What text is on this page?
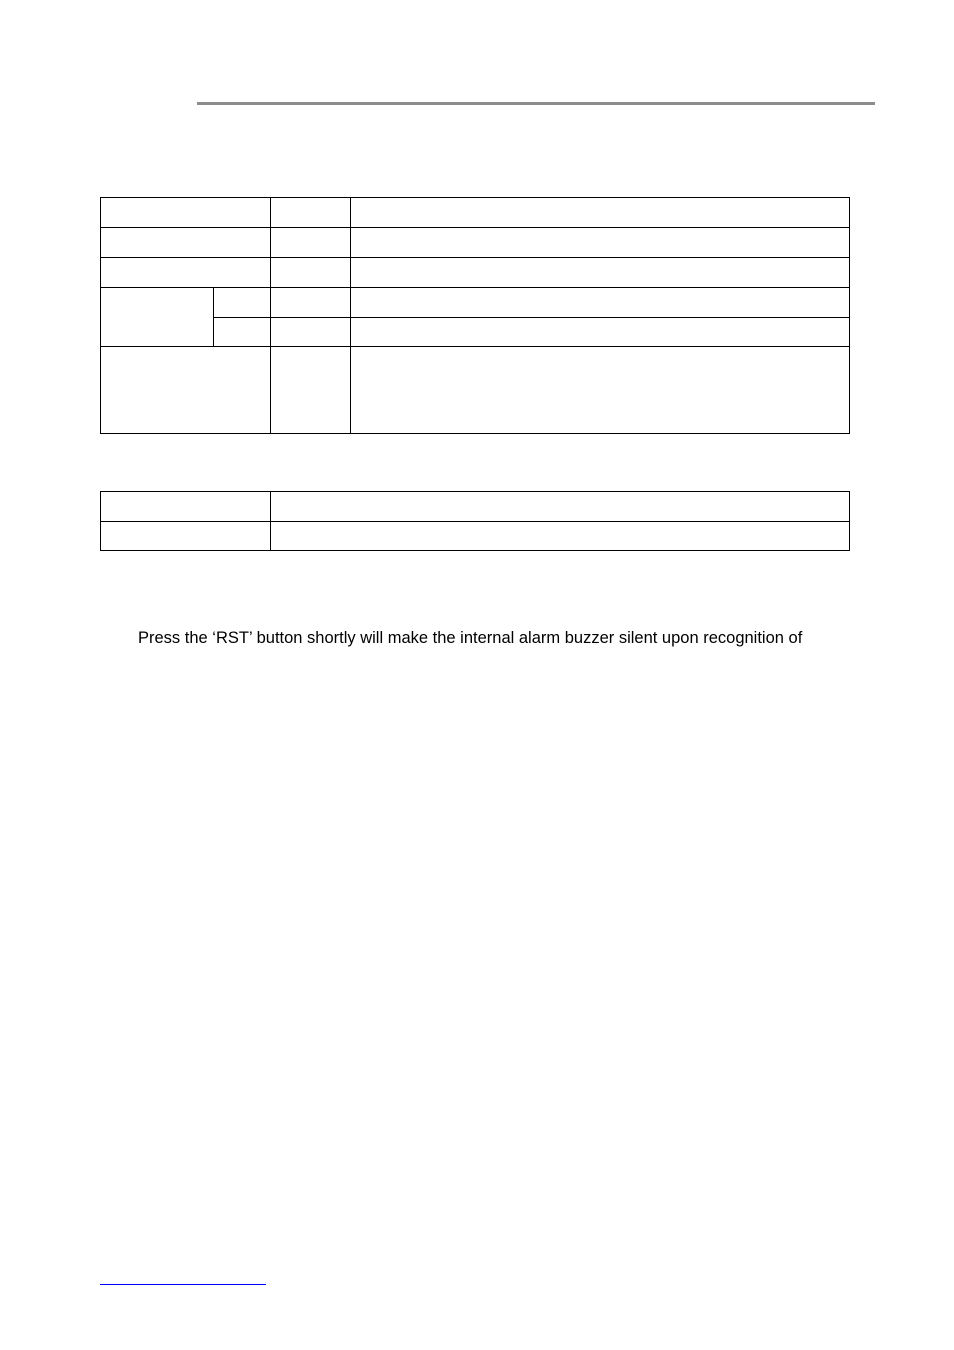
Press the ‘RST’ button shortly will make the internal alarm buzzer silent upon recognition of
